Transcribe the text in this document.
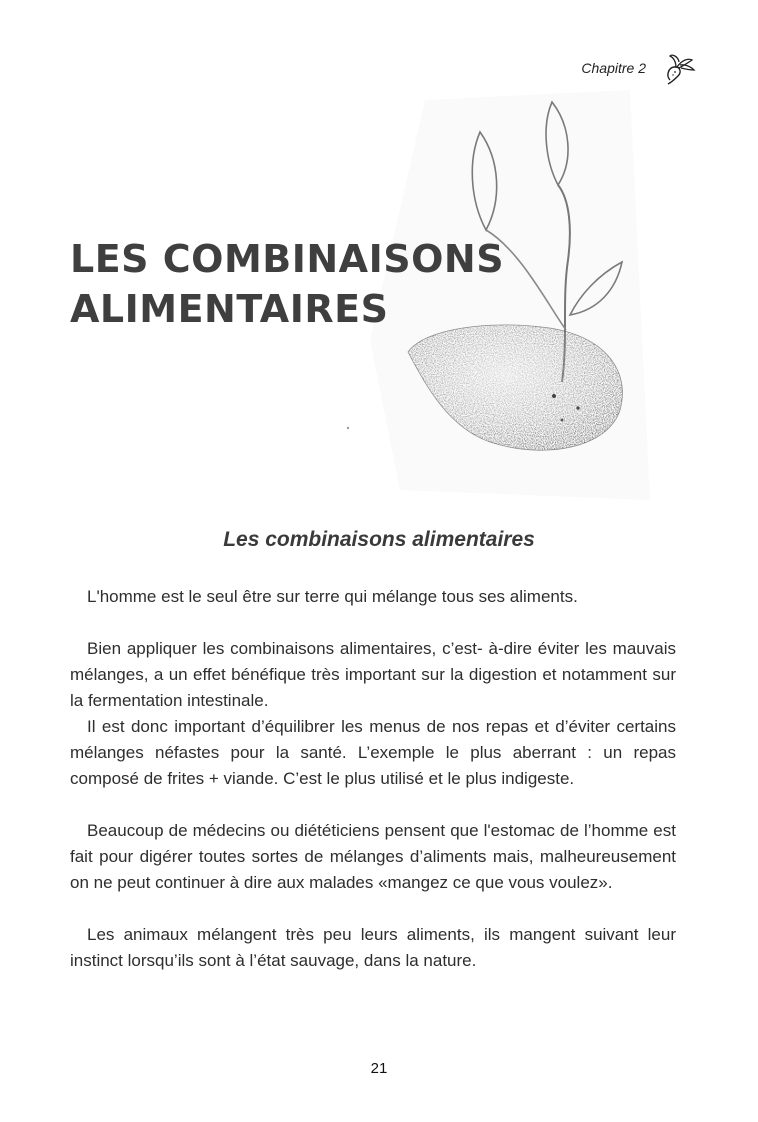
Chapitre 2
LES COMBINAISONS
ALIMENTAIRES
Les combinaisons alimentaires

L'homme est le seul être sur terre qui mélange tous ses aliments.

Bien appliquer les combinaisons alimentaires, c’est- à-dire éviter les mauvais mélanges, a un effet bénéfique très important sur la digestion et notamment sur la fermentation intestinale.

Il est donc important d’équilibrer les menus de nos repas et d’éviter certains mélanges néfastes pour la santé. L’exemple le plus aberrant : un repas composé de frites + viande. C’est le plus utilisé et le plus indigeste.

Beaucoup de médecins ou diététiciens pensent que l'estomac de l’homme est fait pour digérer toutes sortes de mélanges d’aliments mais, malheureusement on ne peut continuer à dire aux malades «mangez ce que vous voulez».

Les animaux mélangent très peu leurs aliments, ils mangent suivant leur instinct lorsqu’ils sont à l’état sauvage, dans la nature.

21
